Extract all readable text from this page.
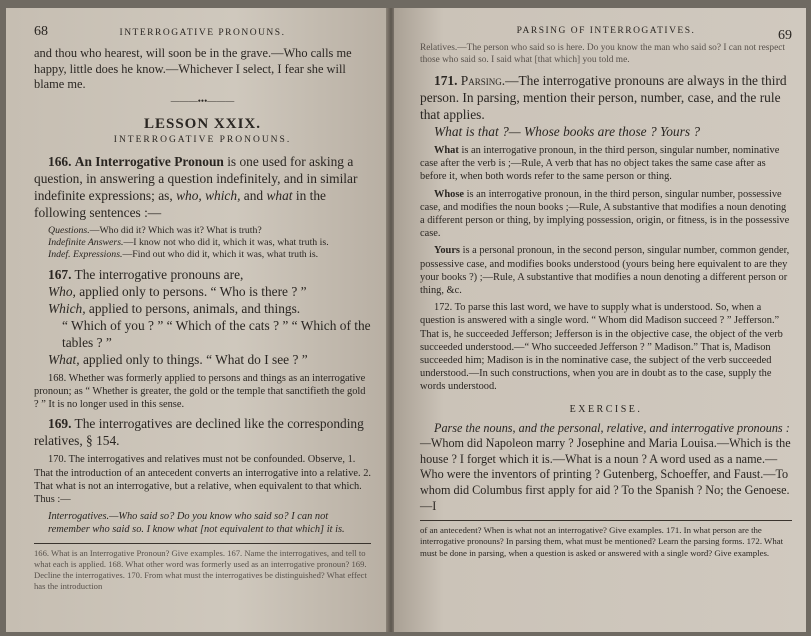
68	INTERROGATIVE PRONOUNS.

and thou who hearest, will soon be in the grave.—Who calls me

happy, little does he know.—Whichever I select, I fear she will

blame me.

———•••———
LESSON XXIX.
INTERROGATIVE PRONOUNS.

166. An Interrogative Pronoun is one used for asking a question, in answering a question indefinitely, and in similar indefinite expressions; as, who, which, and what in the following sentences :—

Questions.—Who did it? Which was it? What is truth?

Indefinite Answers.—I know not who did it, which it was, what truth is.

Indef. Expressions.—Find out who did it, which it was, what truth is.

167. The interrogative pronouns are,

Who, applied only to persons. “ Who is there ? ”

Which, applied to persons, animals, and things.

“ Which of you ? ” “ Which of the cats ? ” “ Which of the tables ? ”

What, applied only to things. “ What do I see ? ”

168. Whether was formerly applied to persons and things as an interrogative pronoun; as “ Whether is greater, the gold or the temple that sanctifieth the gold ? ” It is no longer used in this sense.

169. The interrogatives are declined like the corresponding relatives, § 154.

170. The interrogatives and relatives must not be confounded. Observe, 1. That the introduction of an antecedent converts an interrogative into a relative. 2. That what is not an interrogative, but a relative, when equivalent to that which. Thus :—

Interrogatives.—Who said so? Do you know who said so? I can not remember who said so. I know what [not equivalent to that which] it is.

166. What is an Interrogative Pronoun? Give examples. 167. Name the interrogatives, and tell to what each is applied. 168. What other word was formerly used as an interrogative pronoun? 169. Decline the interrogatives. 170. From what must the interrogatives be distinguished? What effect has the introduction

PARSING OF INTERROGATIVES.	69

Relatives.—The person who said so is here. Do you know the man who said so? I can not respect those who said so. I said what [that which] you told me.

171. Parsing.—The interrogative pronouns are always in the third person. In parsing, mention their person, number, case, and the rule that applies.

What is that ?— Whose books are those ? Yours ?

What is an interrogative pronoun, in the third person, singular number, nominative case after the verb is ;—Rule, A verb that has no object takes the same case after as before it, when both words refer to the same person or thing.

Whose is an interrogative pronoun, in the third person, singular number, possessive case, and modifies the noun books ;—Rule, A substantive that modifies a noun denoting a different person or thing, by implying possession, origin, or fitness, is in the possessive case.

Yours is a personal pronoun, in the second person, singular number, common gender, possessive case, and modifies books understood (yours being here equivalent to are they your books ?) ;—Rule, A substantive that modifies a noun denoting a different person or thing, &c.

172. To parse this last word, we have to supply what is understood. So, when a question is answered with a single word. “ Whom did Madison succeed ? ” Jefferson.” That is, he succeeded Jefferson; Jefferson is in the objective case, the object of the verb succeeded understood.—“ Who succeeded Jefferson ? ” Madison.” That is, Madison succeeded him; Madison is in the nominative case, the subject of the verb succeeded understood.—In such constructions, when you are in doubt as to the case, supply the words understood.

EXERCISE.

Parse the nouns, and the personal, relative, and interrogative pronouns :—Whom did Napoleon marry ? Josephine and Maria Louisa.—Which is the house ? I forget which it is.—What is a noun ? A word used as a name.—Who were the inventors of printing ? Gutenberg, Schoeffer, and Faust.—To whom did Columbus first apply for aid ? To the Spanish ? No; the Genoese.—I

of an antecedent? When is what not an interrogative? Give examples. 171. In what person are the interrogative pronouns? In parsing them, what must be mentioned? Learn the parsing forms. 172. What must be done in parsing, when a question is asked or answered with a single word? Give examples.
